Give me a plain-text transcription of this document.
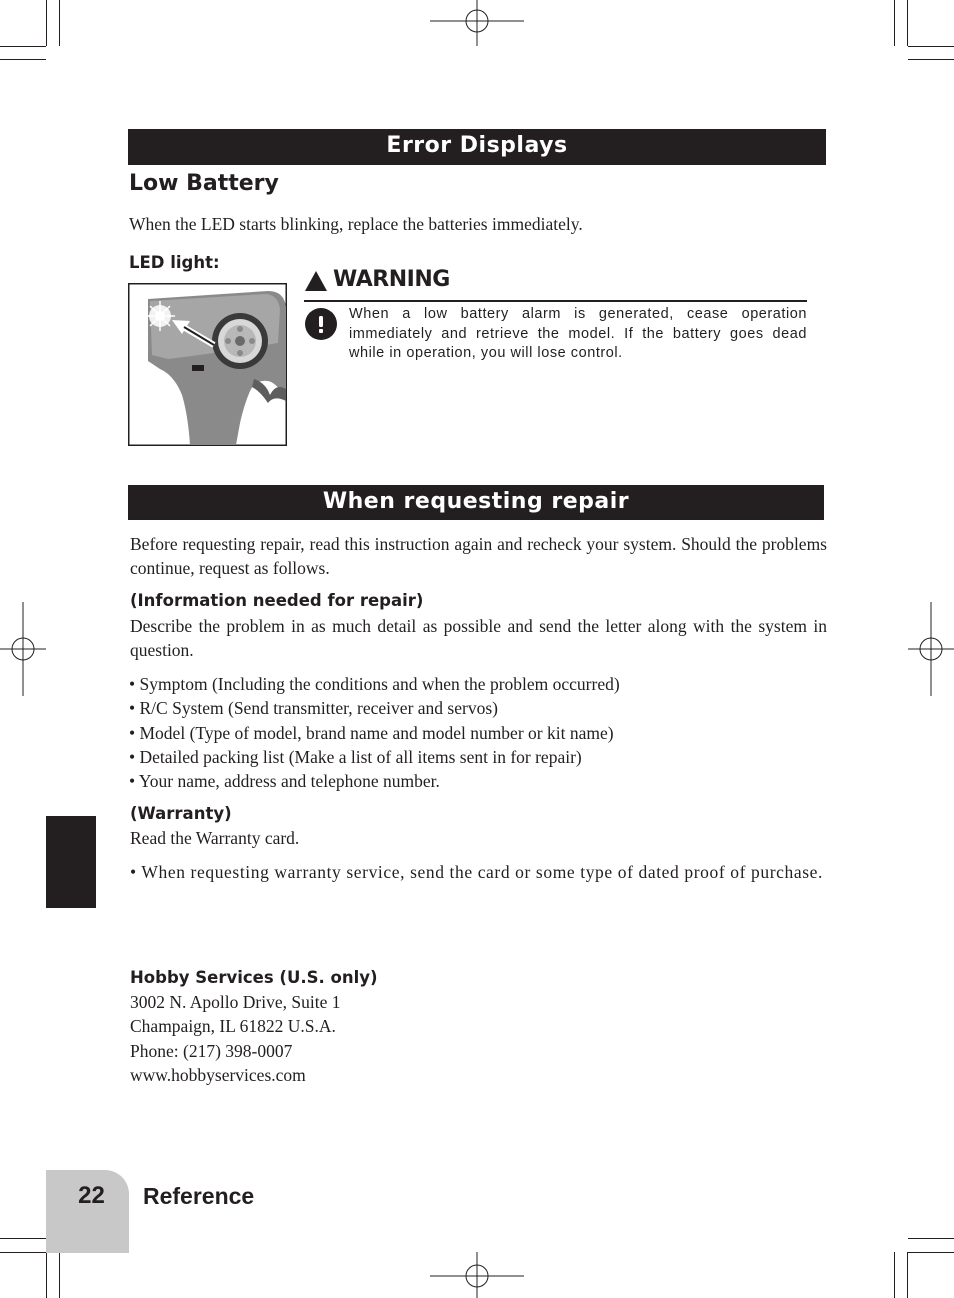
Error Displays
Low Battery
When the LED starts blinking, replace the batteries immediately.
LED light:
WARNING
When a low battery alarm is generated, cease operation immediately and retrieve the model. If the battery goes dead while in operation, you will lose control.
When requesting repair
Before requesting repair, read this instruction again and recheck your system. Should the problems continue, request as follows.
(Information needed for repair)
Describe the problem in as much detail as possible and send the letter along with the system in question.
• Symptom (Including the conditions and when the problem occurred)
• R/C System (Send transmitter, receiver and servos)
• Model (Type of model, brand name and model number or kit name)
• Detailed packing list (Make a list of all items sent in for repair)
• Your name, address and telephone number.
(Warranty)
Read the Warranty card.
• When requesting warranty service, send the card or some type of dated proof of purchase.
Hobby Services (U.S. only)
3002 N. Apollo Drive, Suite 1
Champaign, IL 61822 U.S.A.
Phone: (217) 398-0007
www.hobbyservices.com
22	Reference
